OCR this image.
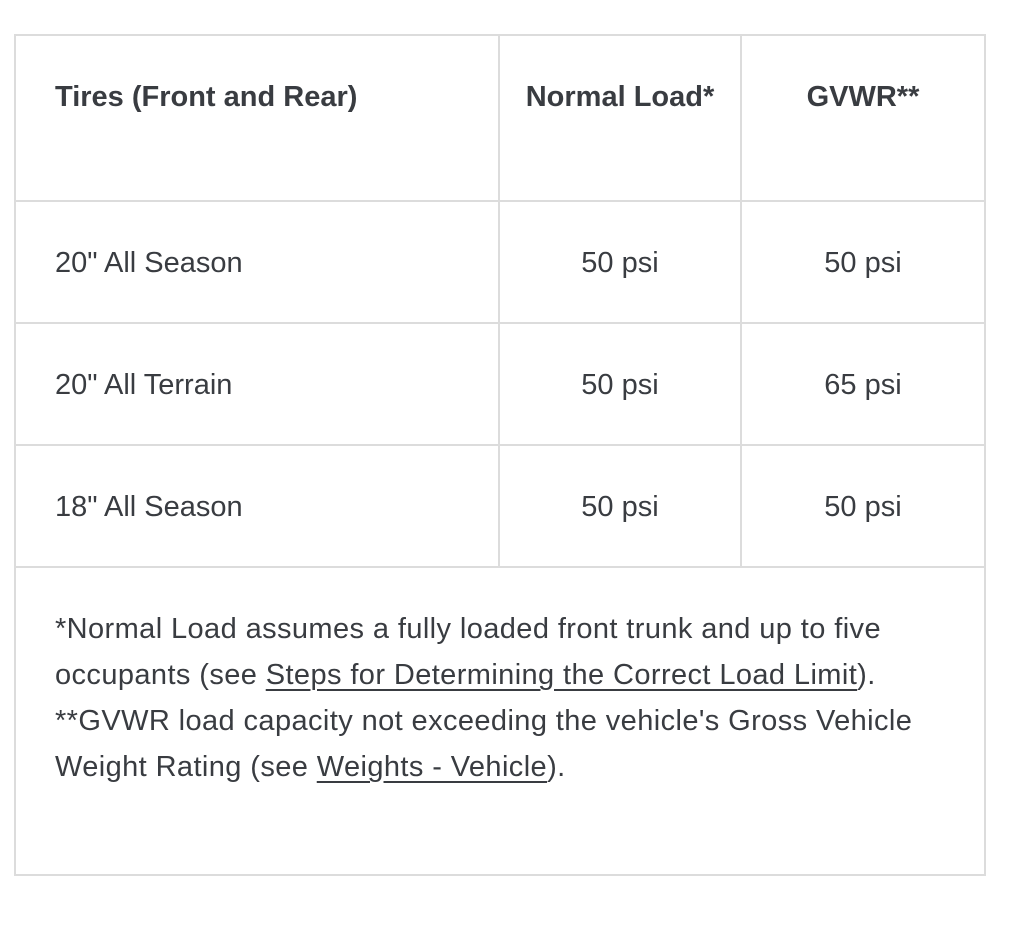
Tires (Front and Rear)	Normal Load*	GVWR**
20" All Season	50 psi	50 psi
20" All Terrain	50 psi	65 psi
18" All Season	50 psi	50 psi
*Normal Load assumes a fully loaded front trunk and up to five occupants (see Steps for Determining the Correct Load Limit).
**GVWR load capacity not exceeding the vehicle's Gross Vehicle Weight Rating (see Weights - Vehicle).		
